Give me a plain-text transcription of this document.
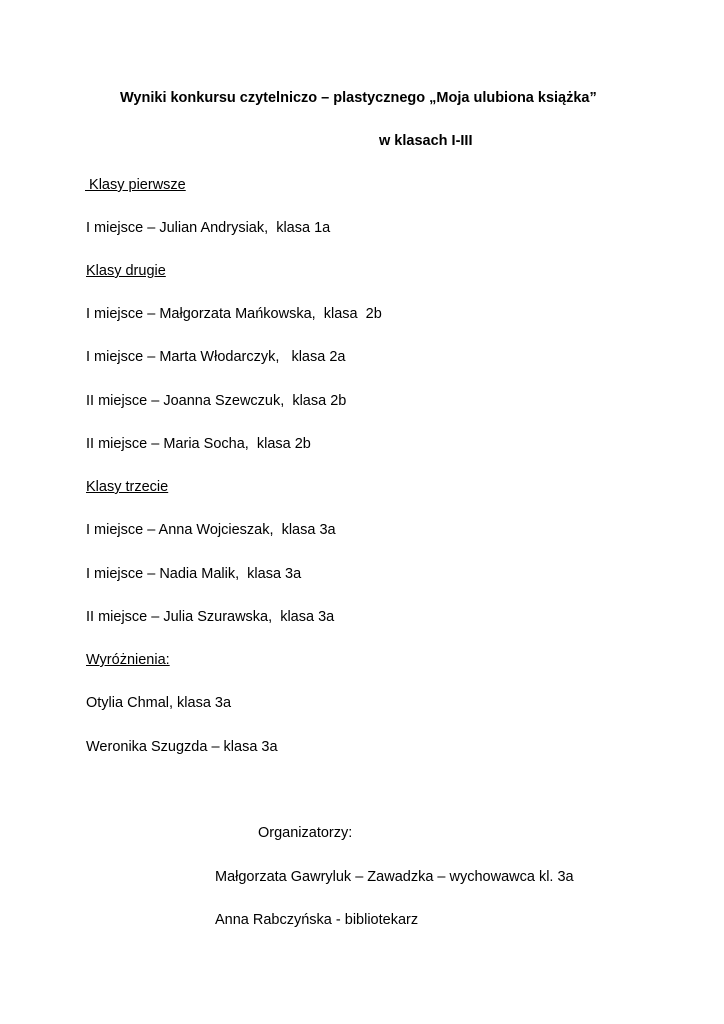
Wyniki konkursu czytelniczo – plastycznego „Moja ulubiona książka”

w klasach I-III

Klasy pierwsze

I miejsce – Julian Andrysiak,  klasa 1a

Klasy drugie

I miejsce – Małgorzata Mańkowska,  klasa  2b

I miejsce – Marta Włodarczyk,   klasa 2a

II miejsce – Joanna Szewczuk,  klasa 2b

II miejsce – Maria Socha,  klasa 2b

Klasy trzecie

I miejsce – Anna Wojcieszak,  klasa 3a

I miejsce – Nadia Malik,  klasa 3a

II miejsce – Julia Szurawska,  klasa 3a

Wyróżnienia:

Otylia Chmal, klasa 3a

Weronika Szugzda – klasa 3a

Organizatorzy:

Małgorzata Gawryluk – Zawadzka – wychowawca kl. 3a

Anna Rabczyńska - bibliotekarz
